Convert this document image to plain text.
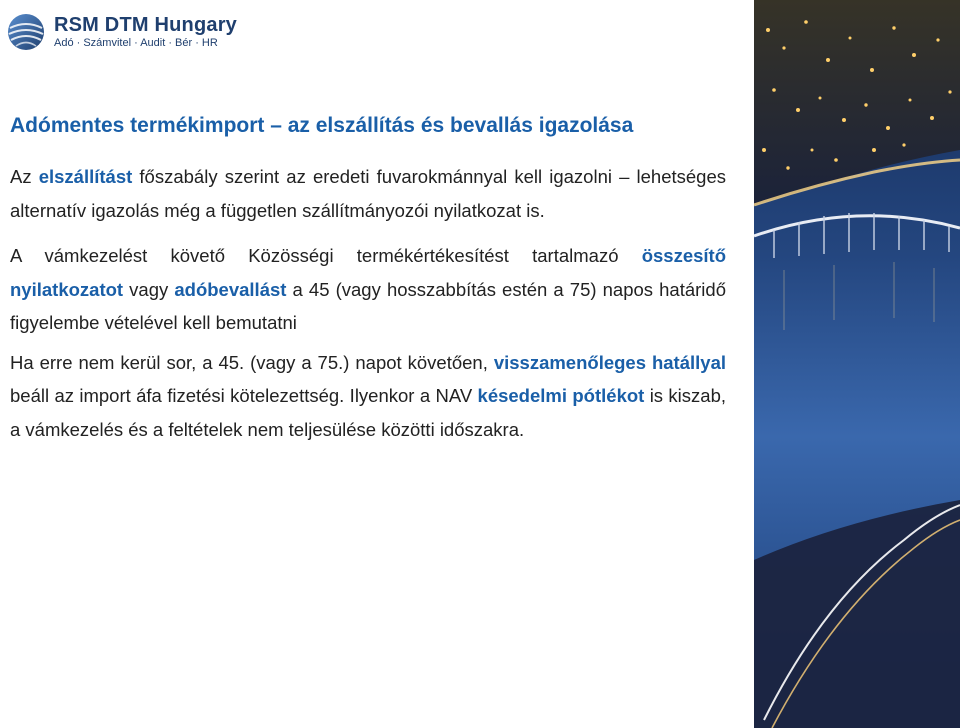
RSM DTM Hungary
Adó · Számvitel · Audit · Bér · HR
Adómentes termékimport – az elszállítás és bevallás igazolása

Az elszállítást főszabály szerint az eredeti fuvarokmánnyal kell igazolni – lehetséges alternatív igazolás még a független szállítmányozói nyilatkozat is.

A vámkezelést követő Közösségi termékértékesítést tartalmazó összesítő nyilatkozatot vagy adóbevallást a 45 (vagy hosszabbítás estén a 75) napos határidő figyelembe vételével kell bemutatni

Ha erre nem kerül sor, a 45. (vagy a 75.) napot követően, visszamenőleges hatállyal beáll az import áfa fizetési kötelezettség. Ilyenkor a NAV késedelmi pótlékot is kiszab, a vámkezelés és a feltételek nem teljesülése közötti időszakra.
